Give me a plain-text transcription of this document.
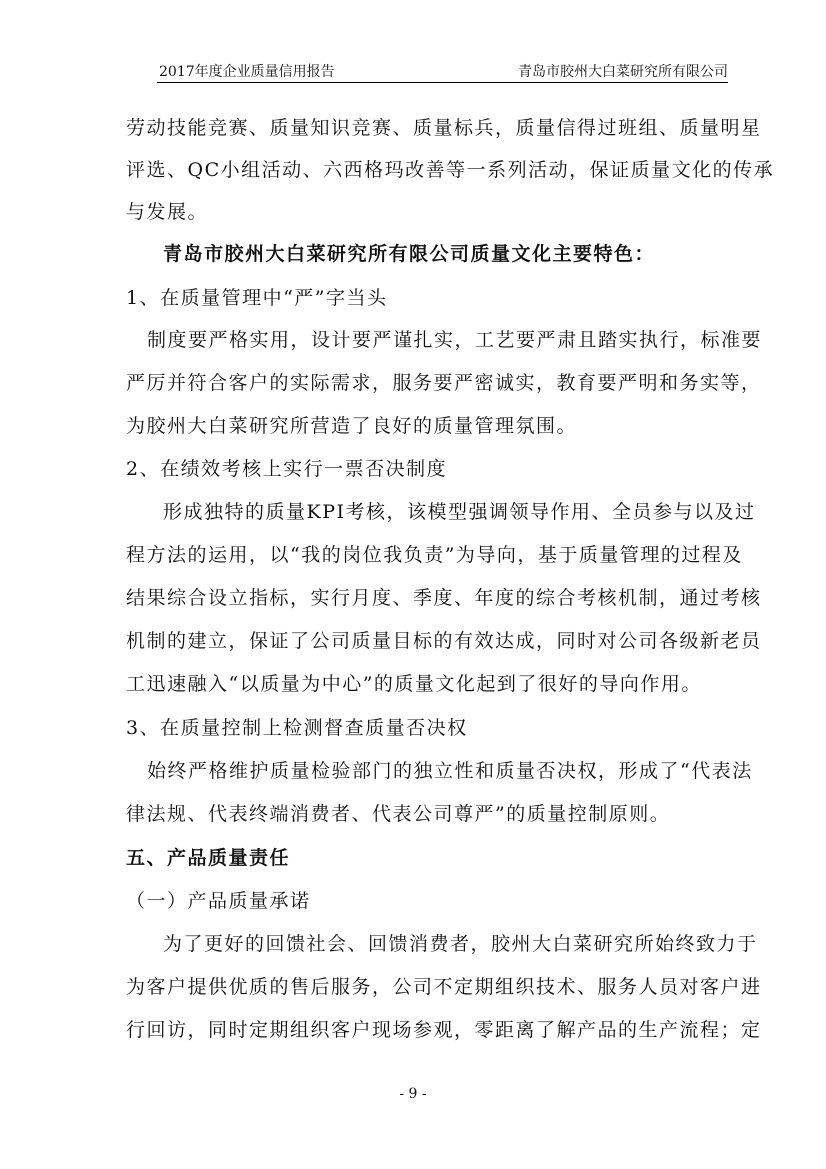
2017年度企业质量信用报告	青岛市胶州大白菜研究所有限公司
劳动技能竞赛、质量知识竞赛、质量标兵，质量信得过班组、质量明星
评选、QC小组活动、六西格玛改善等一系列活动，保证质量文化的传承
与发展。
青岛市胶州大白菜研究所有限公司质量文化主要特色：
1、在质量管理中“严”字当头
制度要严格实用，设计要严谨扎实，工艺要严肃且踏实执行，标准要
严厉并符合客户的实际需求，服务要严密诚实，教育要严明和务实等，
为胶州大白菜研究所营造了良好的质量管理氛围。
2、在绩效考核上实行一票否决制度
形成独特的质量KPI考核，该模型强调领导作用、全员参与以及过
程方法的运用，以“我的岗位我负责”为导向，基于质量管理的过程及
结果综合设立指标，实行月度、季度、年度的综合考核机制，通过考核
机制的建立，保证了公司质量目标的有效达成，同时对公司各级新老员
工迅速融入“以质量为中心”的质量文化起到了很好的导向作用。
3、在质量控制上检测督查质量否决权
始终严格维护质量检验部门的独立性和质量否决权，形成了“代表法
律法规、代表终端消费者、代表公司尊严”的质量控制原则。
五、产品质量责任
（一）产品质量承诺
为了更好的回馈社会、回馈消费者，胶州大白菜研究所始终致力于
为客户提供优质的售后服务，公司不定期组织技术、服务人员对客户进
行回访，同时定期组织客户现场参观，零距离了解产品的生产流程；定
- 9 -
